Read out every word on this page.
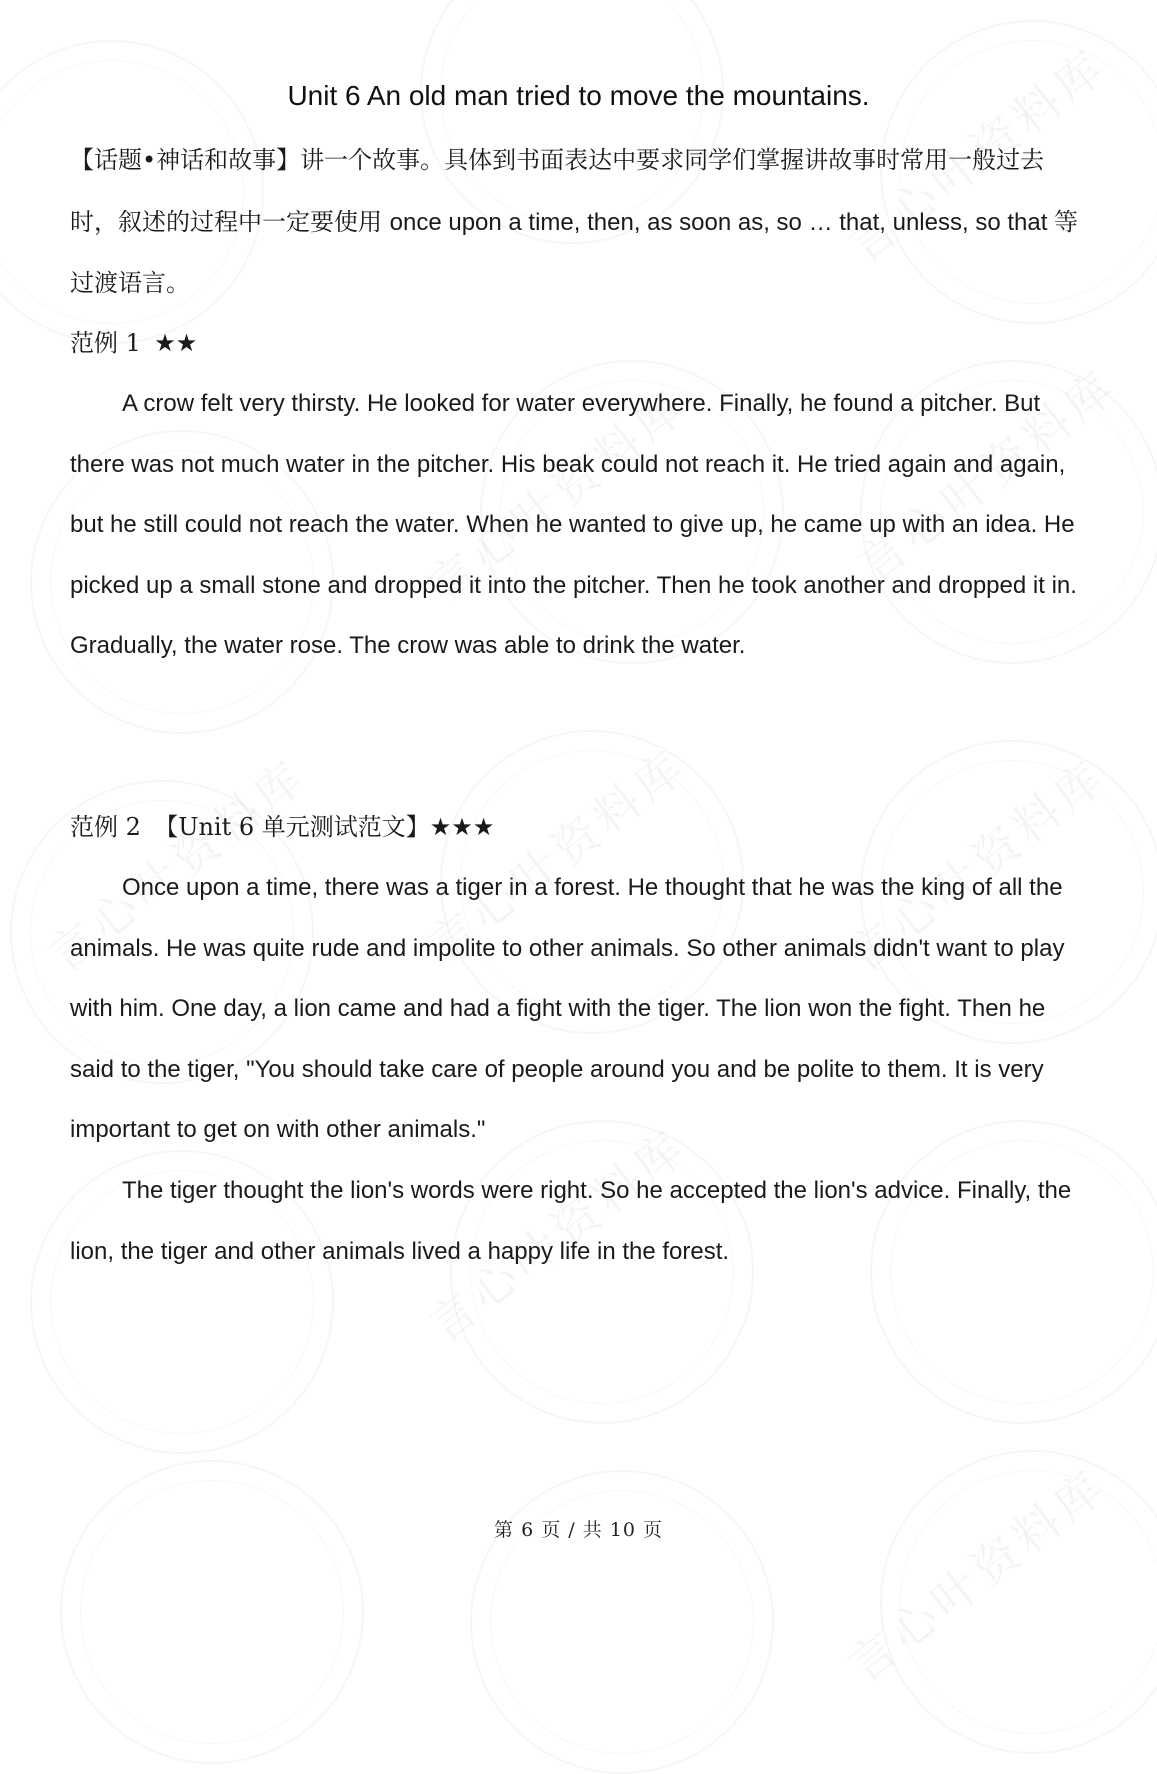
Unit 6 An old man tried to move the mountains.
【话题•神话和故事】讲一个故事。具体到书面表达中要求同学们掌握讲故事时常用一般过去时，叙述的过程中一定要使用 once upon a time, then, as soon as, so … that, unless, so that 等过渡语言。
范例 1 ★★
A crow felt very thirsty. He looked for water everywhere. Finally, he found a pitcher. But there was not much water in the pitcher. His beak could not reach it. He tried again and again, but he still could not reach the water. When he wanted to give up, he came up with an idea. He picked up a small stone and dropped it into the pitcher. Then he took another and dropped it in. Gradually, the water rose. The crow was able to drink the water.
范例 2 【Unit 6 单元测试范文】★★★
Once upon a time, there was a tiger in a forest. He thought that he was the king of all the animals. He was quite rude and impolite to other animals. So other animals didn't want to play with him. One day, a lion came and had a fight with the tiger. The lion won the fight. Then he said to the tiger, "You should take care of people around you and be polite to them. It is very important to get on with other animals."
The tiger thought the lion's words were right. So he accepted the lion's advice. Finally, the lion, the tiger and other animals lived a happy life in the forest.
第 6 页 / 共 10 页
